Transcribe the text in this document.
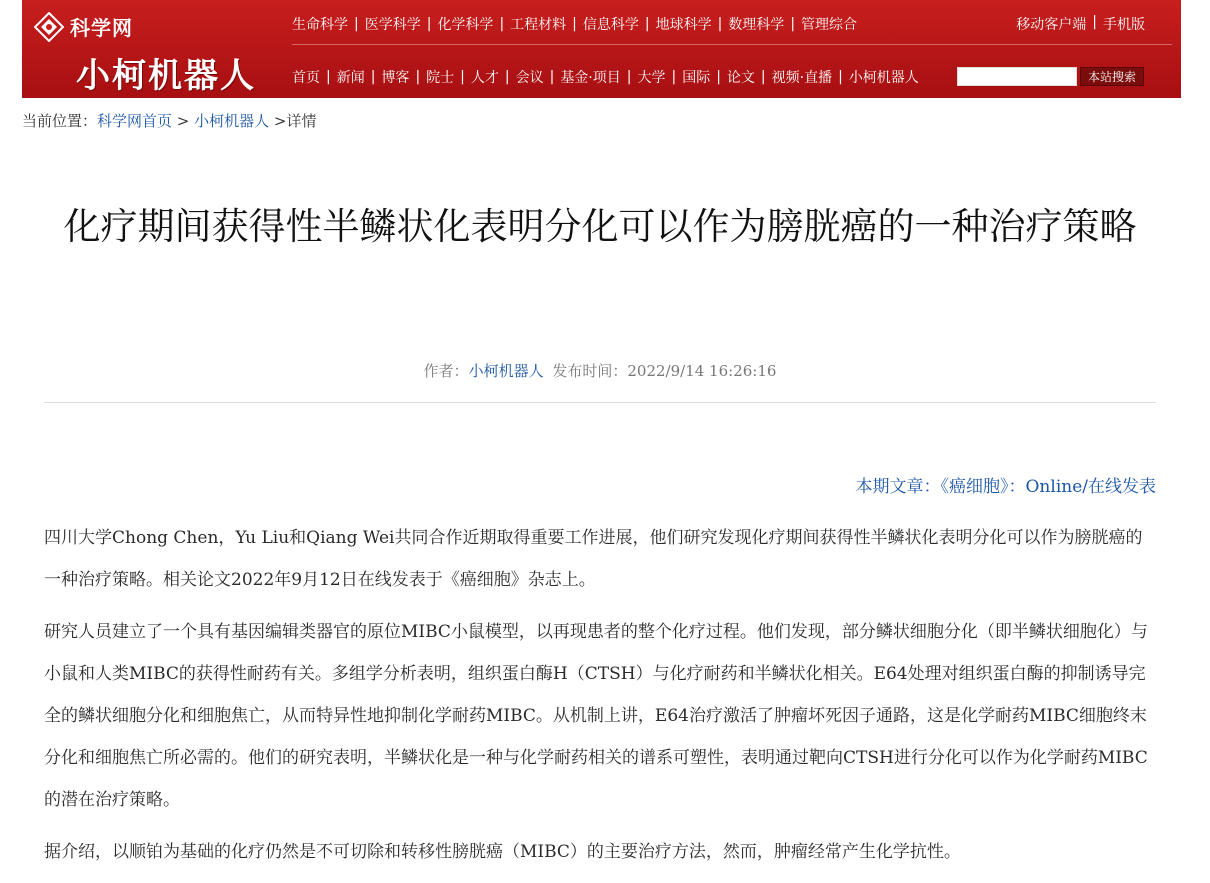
科学网
小柯机器人
生命科学 | 医学科学 | 化学科学 | 工程材料 | 信息科学 | 地球科学 | 数理科学 | 管理综合	移动客户端 | 手机版
首页 | 新闻 | 博客 | 院士 | 人才 | 会议 | 基金·项目 | 大学 | 国际 | 论文 | 视频·直播 | 小柯机器人	本站搜索
当前位置：科学网首页 > 小柯机器人 >详情
化疗期间获得性半鳞状化表明分化可以作为膀胱癌的一种治疗策略
作者：小柯机器人 发布时间：2022/9/14 16:26:16
本期文章：《癌细胞》：Online/在线发表

四川大学Chong Chen，Yu Liu和Qiang Wei共同合作近期取得重要工作进展，他们研究发现化疗期间获得性半鳞状化表明分化可以作为膀胱癌的一种治疗策略。相关论文2022年9月12日在线发表于《癌细胞》杂志上。

研究人员建立了一个具有基因编辑类器官的原位MIBC小鼠模型，以再现患者的整个化疗过程。他们发现，部分鳞状细胞分化（即半鳞状细胞化）与小鼠和人类MIBC的获得性耐药有关。多组学分析表明，组织蛋白酶H（CTSH）与化疗耐药和半鳞状化相关。E64处理对组织蛋白酶的抑制诱导完全的鳞状细胞分化和细胞焦亡，从而特异性地抑制化学耐药MIBC。从机制上讲，E64治疗激活了肿瘤坏死因子通路，这是化学耐药MIBC细胞终末分化和细胞焦亡所必需的。他们的研究表明，半鳞状化是一种与化学耐药相关的谱系可塑性，表明通过靶向CTSH进行分化可以作为化学耐药MIBC的潜在治疗策略。

据介绍，以顺铂为基础的化疗仍然是不可切除和转移性膀胱癌（MIBC）的主要治疗方法，然而，肿瘤经常产生化学抗性。
